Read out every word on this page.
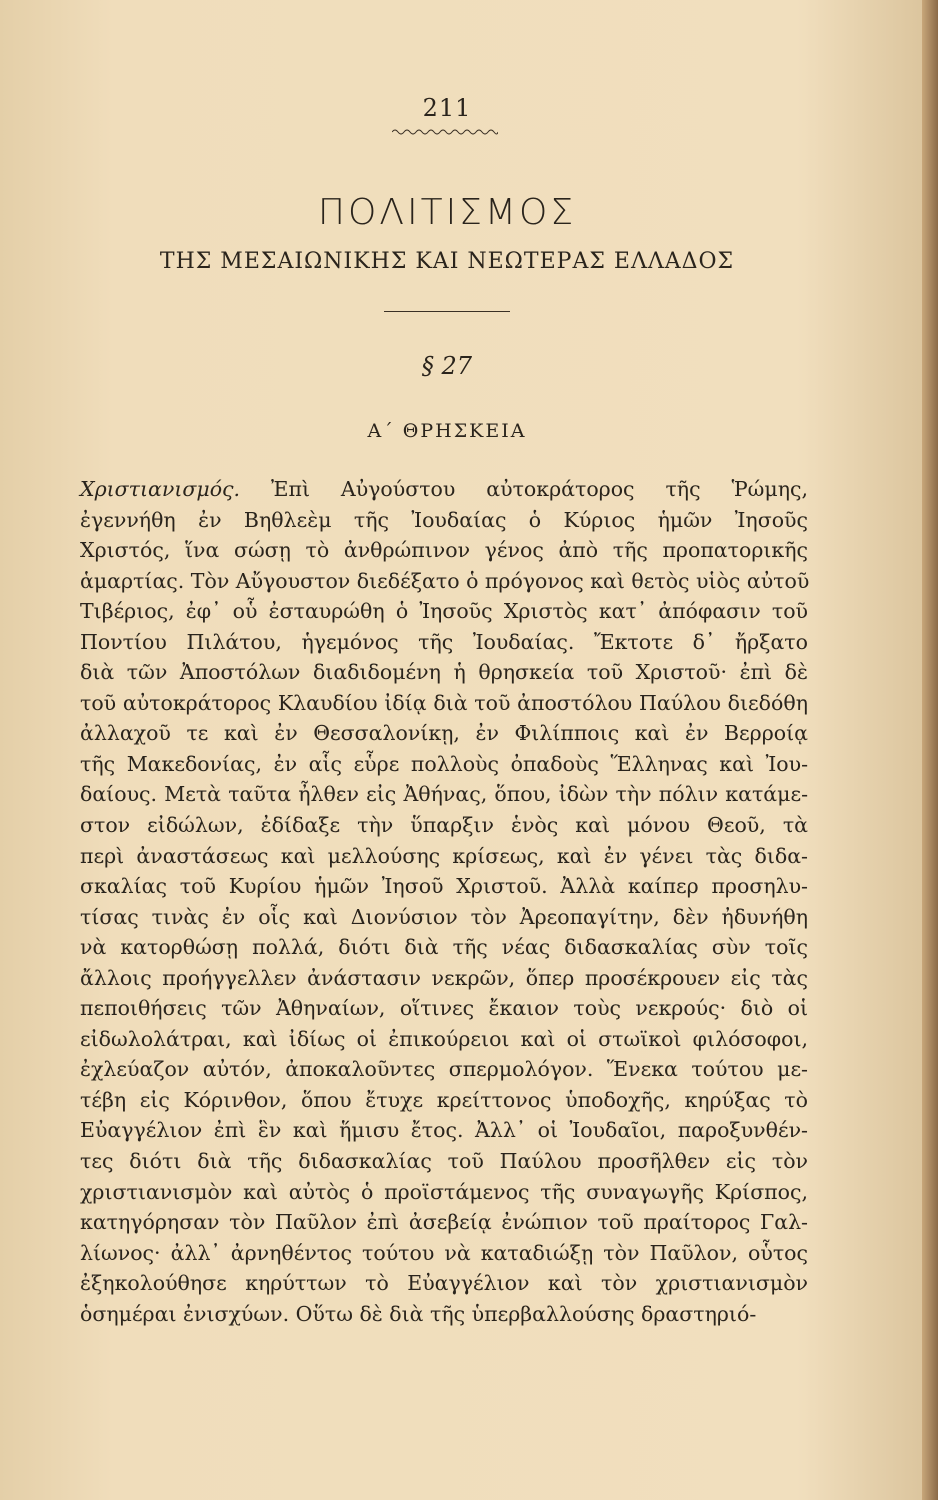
211
ΠΟΛΙΤΙΣΜΟΣ
ΤΗΣ ΜΕΣΑΙΩΝΙΚΗΣ ΚΑΙ ΝΕΩΤΕΡΑΣ ΕΛΛΑΔΟΣ
§ 27
Α΄ ΘΡΗΣΚΕΙΑ
Χριστιανισμός. Ἐπὶ Αὐγούστου αὐτοκράτορος τῆς Ῥώμης,
ἐγεννήθη ἐν Βηθλεὲμ τῆς Ἰουδαίας ὁ Κύριος ἡμῶν Ἰησοῦς
Χριστός, ἵνα σώσῃ τὸ ἀνθρώπινον γένος ἀπὸ τῆς προπατορικῆς
ἁμαρτίας. Τὸν Αὔγουστον διεδέξατο ὁ πρόγονος καὶ θετὸς υἱὸς αὐτοῦ
Τιβέριος, ἐφ᾽ οὗ ἐσταυρώθη ὁ Ἰησοῦς Χριστὸς κατ᾽ ἀπόφασιν τοῦ
Ποντίου Πιλάτου, ἡγεμόνος τῆς Ἰουδαίας. Ἔκτοτε δ᾽ ἤρξατο
διὰ τῶν Ἀποστόλων διαδιδομένη ἡ θρησκεία τοῦ Χριστοῦ· ἐπὶ δὲ
τοῦ αὐτοκράτορος Κλαυδίου ἰδίᾳ διὰ τοῦ ἀποστόλου Παύλου διεδόθη
ἀλλαχοῦ τε καὶ ἐν Θεσσαλονίκῃ, ἐν Φιλίπποις καὶ ἐν Βερροίᾳ
τῆς Μακεδονίας, ἐν αἷς εὗρε πολλοὺς ὀπαδοὺς Ἕλληνας καὶ Ἰου-
δαίους. Μετὰ ταῦτα ἦλθεν εἰς Ἀθήνας, ὅπου, ἰδὼν τὴν πόλιν κατάμε-
στον εἰδώλων, ἐδίδαξε τὴν ὕπαρξιν ἑνὸς καὶ μόνου Θεοῦ, τὰ
περὶ ἀναστάσεως καὶ μελλούσης κρίσεως, καὶ ἐν γένει τὰς διδα-
σκαλίας τοῦ Κυρίου ἡμῶν Ἰησοῦ Χριστοῦ. Ἀλλὰ καίπερ προσηλυ-
τίσας τινὰς ἐν οἷς καὶ Διονύσιον τὸν Ἀρεοπαγίτην, δὲν ἠδυνήθη
νὰ κατορθώσῃ πολλά, διότι διὰ τῆς νέας διδασκαλίας σὺν τοῖς
ἄλλοις προήγγελλεν ἀνάστασιν νεκρῶν, ὅπερ προσέκρουεν εἰς τὰς
πεποιθήσεις τῶν Ἀθηναίων, οἵτινες ἔκαιον τοὺς νεκρούς· διὸ οἱ
εἰδωλολάτραι, καὶ ἰδίως οἱ ἐπικούρειοι καὶ οἱ στωϊκοὶ φιλόσοφοι,
ἐχλεύαζον αὐτόν, ἀποκαλοῦντες σπερμολόγον. Ἕνεκα τούτου με-
τέβη εἰς Κόρινθον, ὅπου ἔτυχε κρείττονος ὑποδοχῆς, κηρύξας τὸ
Εὐαγγέλιον ἐπὶ ἓν καὶ ἥμισυ ἔτος. Ἀλλ᾽ οἱ Ἰουδαῖοι, παροξυνθέν-
τες διότι διὰ τῆς διδασκαλίας τοῦ Παύλου προσῆλθεν εἰς τὸν
χριστιανισμὸν καὶ αὐτὸς ὁ προϊστάμενος τῆς συναγωγῆς Κρίσπος,
κατηγόρησαν τὸν Παῦλον ἐπὶ ἀσεβείᾳ ἐνώπιον τοῦ πραίτορος Γαλ-
λίωνος· ἀλλ᾽ ἀρνηθέντος τούτου νὰ καταδιώξῃ τὸν Παῦλον, οὗτος
ἐξηκολούθησε κηρύττων τὸ Εὐαγγέλιον καὶ τὸν χριστιανισμὸν
ὁσημέραι ἐνισχύων. Οὕτω δὲ διὰ τῆς ὑπερβαλλούσης δραστηριό-
